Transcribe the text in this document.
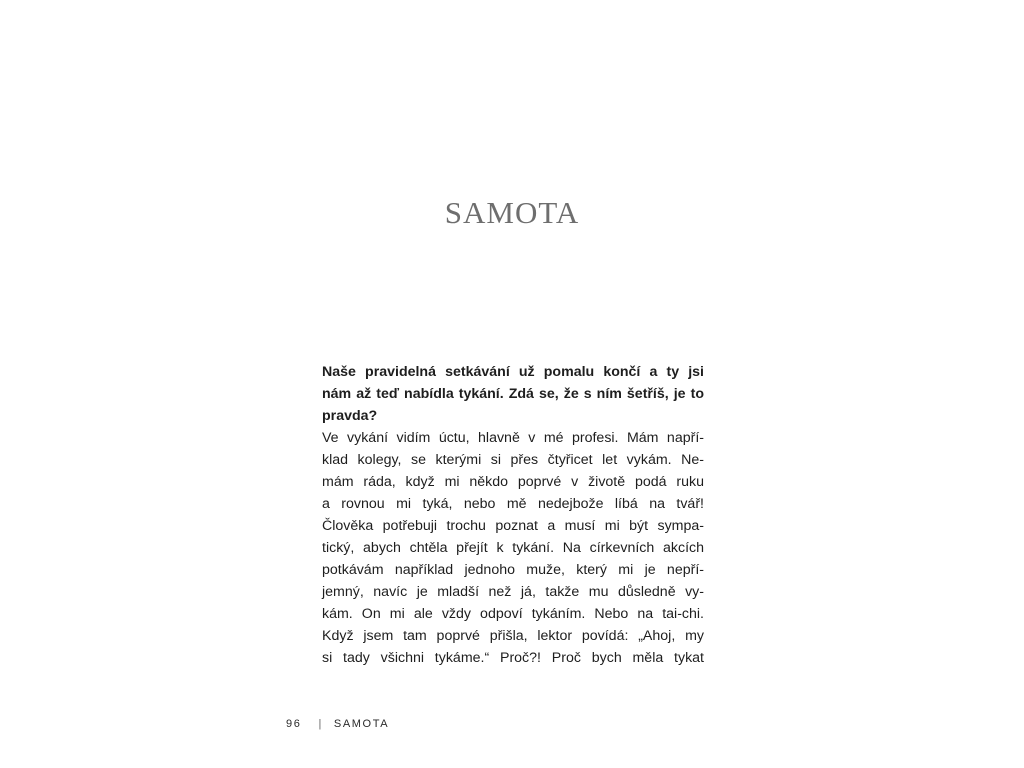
SAMOTA
Naše pravidelná setkávání už pomalu končí a ty jsi
nám až teď nabídla tykání. Zdá se, že s ním šetříš, je to
pravda?
Ve vykání vidím úctu, hlavně v mé profesi. Mám napří-
klad kolegy, se kterými si přes čtyřicet let vykám. Ne-
mám ráda, když mi někdo poprvé v životě podá ruku
a rovnou mi tyká, nebo mě nedejbože líbá na tvář!
Člověka potřebuji trochu poznat a musí mi být sympa-
tický, abych chtěla přejít k tykání. Na církevních akcích
potkávám například jednoho muže, který mi je nepří-
jemný, navíc je mladší než já, takže mu důsledně vy-
kám. On mi ale vždy odpoví tykáním. Nebo na tai-chi.
Když jsem tam poprvé přišla, lektor povídá: „Ahoj, my
si tady všichni tykáme.“ Proč?! Proč bych měla tykat
96 | SAMOTA
